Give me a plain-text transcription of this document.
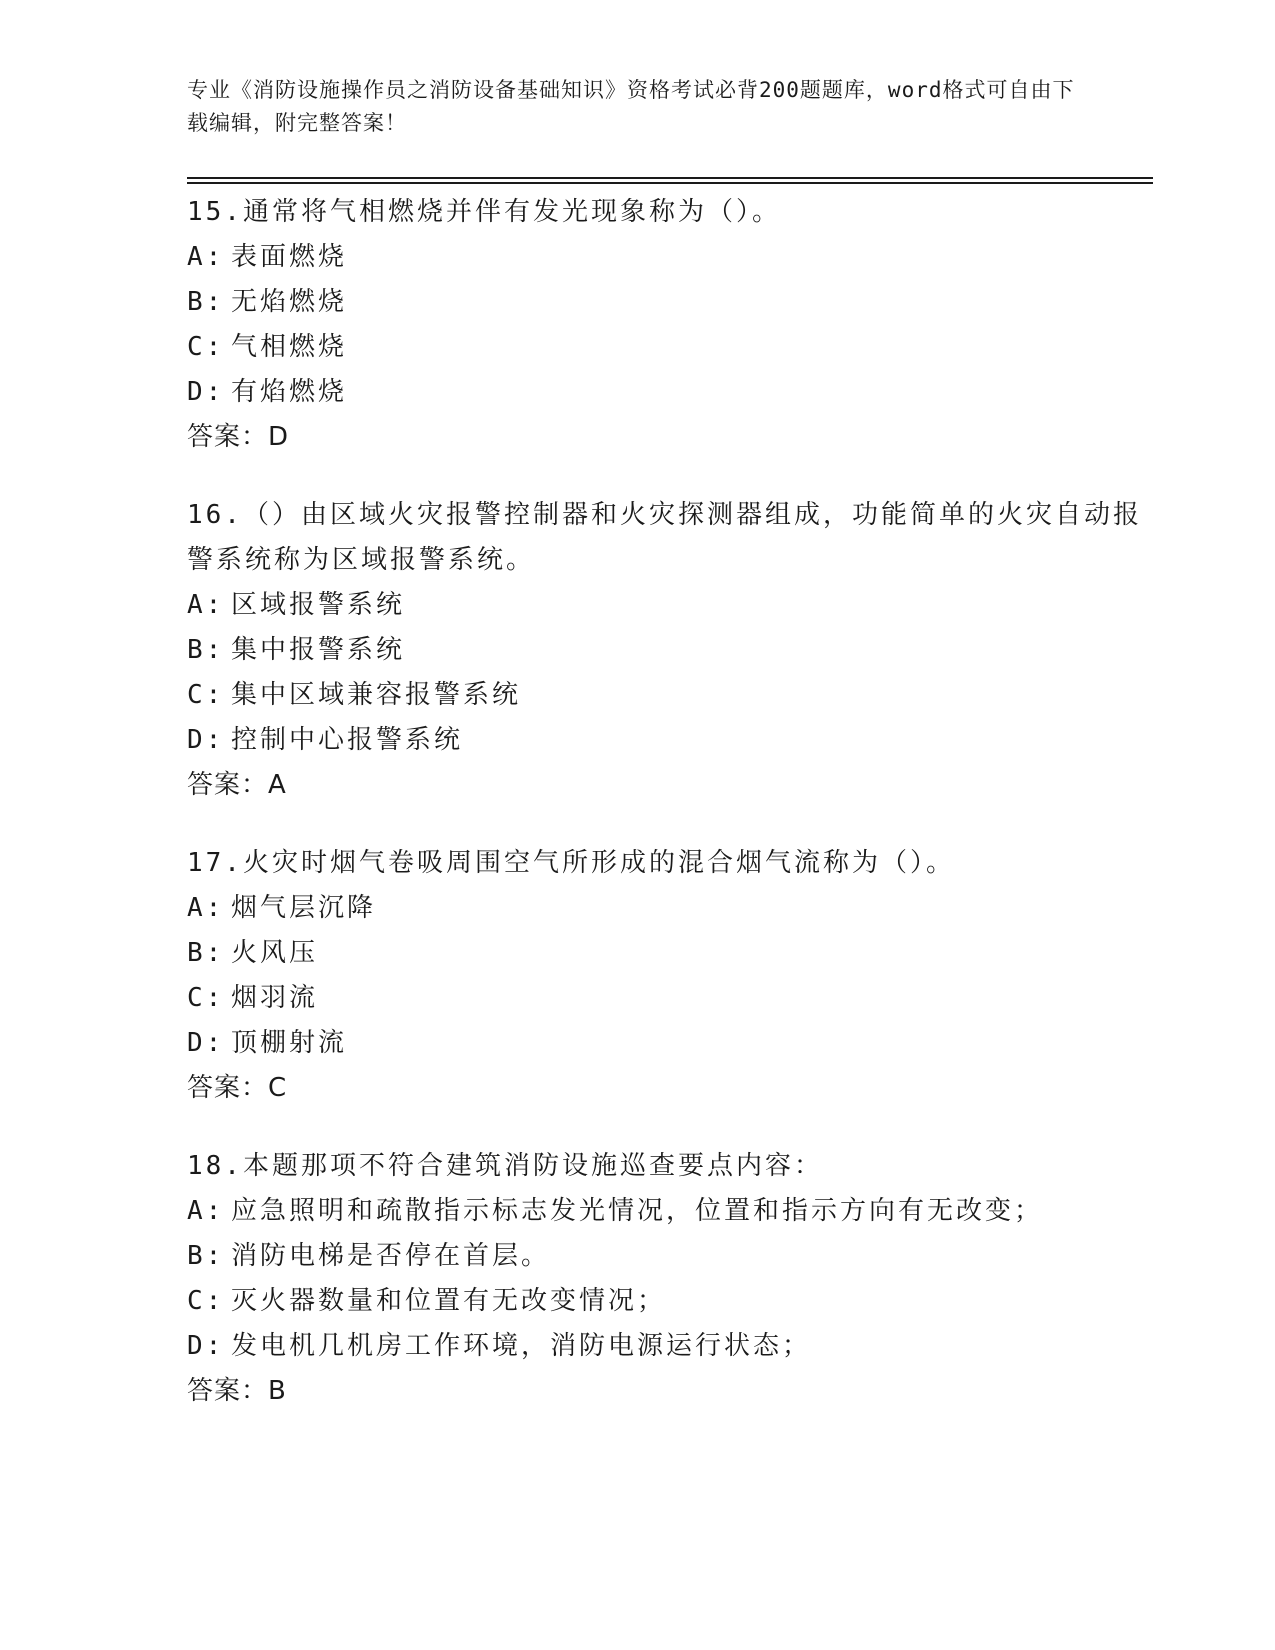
专业《消防设施操作员之消防设备基础知识》资格考试必背200题题库，word格式可自由下载编辑，附完整答案！
15.通常将气相燃烧并伴有发光现象称为（）。
A: 表面燃烧
B: 无焰燃烧
C: 气相燃烧
D: 有焰燃烧
答案：D
16.（）由区域火灾报警控制器和火灾探测器组成，功能简单的火灾自动报警系统称为区域报警系统。
A: 区域报警系统
B: 集中报警系统
C: 集中区域兼容报警系统
D: 控制中心报警系统
答案：A
17.火灾时烟气卷吸周围空气所形成的混合烟气流称为（）。
A: 烟气层沉降
B: 火风压
C: 烟羽流
D: 顶棚射流
答案：C
18.本题那项不符合建筑消防设施巡查要点内容：
A: 应急照明和疏散指示标志发光情况，位置和指示方向有无改变；
B: 消防电梯是否停在首层。
C: 灭火器数量和位置有无改变情况；
D: 发电机几机房工作环境，消防电源运行状态；
答案：B
